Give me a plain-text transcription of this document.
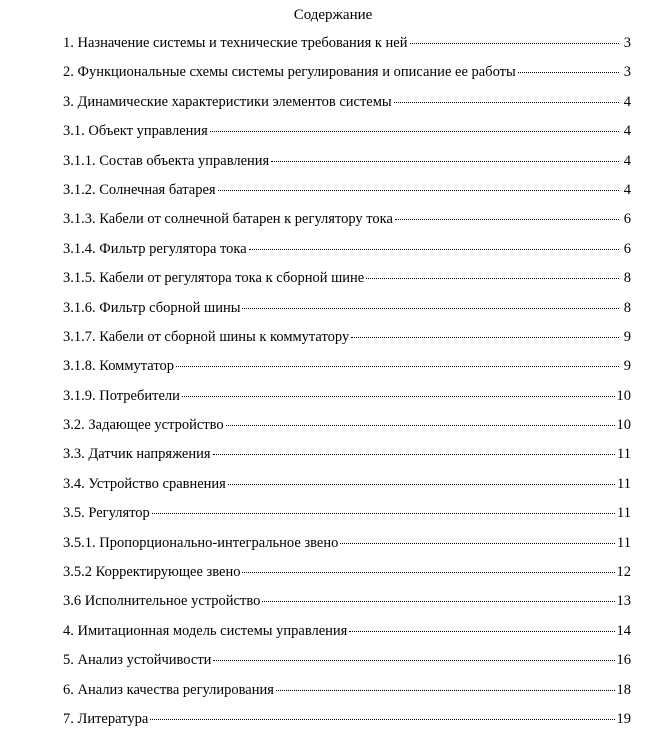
Содержание
1. Назначение системы и технические требования к ней	3
2. Функциональные схемы системы регулирования и описание ее работы	3
3. Динамические характеристики элементов системы	4
3.1. Объект управления	4
3.1.1. Состав объекта управления	4
3.1.2. Солнечная батарея	4
3.1.3. Кабели от солнечной батарен к регулятору тока	6
3.1.4. Фильтр регулятора тока	6
3.1.5. Кабели от регулятора тока к сборной шине	8
3.1.6. Фильтр сборной шины	8
3.1.7. Кабели от сборной шины к коммутатору	9
3.1.8. Коммутатор	9
3.1.9. Потребители	10
3.2. Задающее устройство	10
3.3. Датчик напряжения	11
3.4. Устройство сравнения	11
3.5. Регулятор	11
3.5.1. Пропорционально-интегральное звено	11
3.5.2 Корректирующее звено	12
3.6 Исполнительное устройство	13
4. Имитационная модель системы управления	14
5. Анализ устойчивости	16
6. Анализ качества регулирования	18
7. Литература	19
